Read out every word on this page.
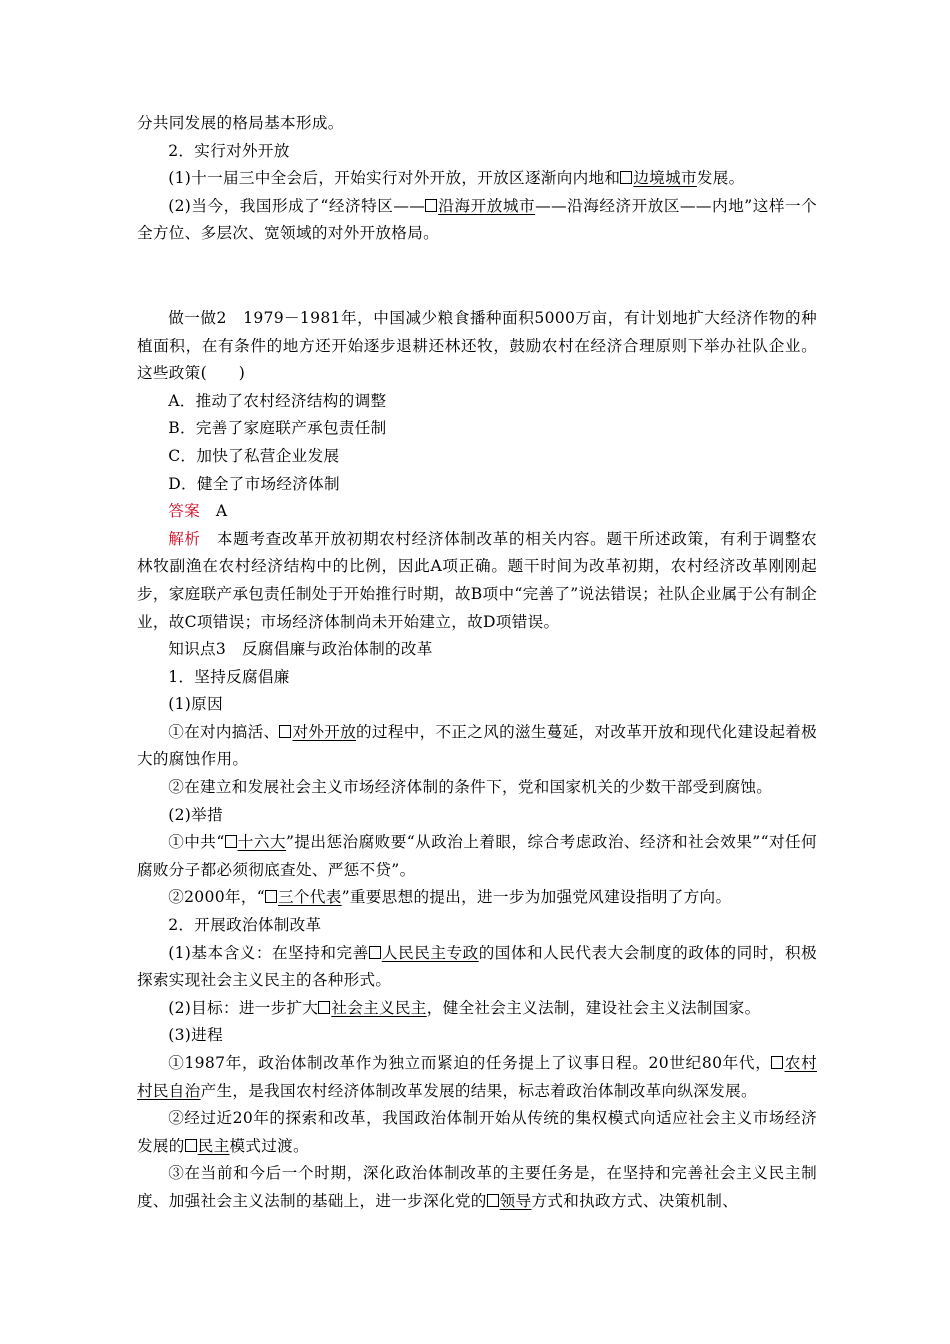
分共同发展的格局基本形成。

2．实行对外开放

(1)十一届三中全会后，开始实行对外开放，开放区逐渐向内地和 边境城市发展。

(2)当今，我国形成了“经济特区—— 沿海开放城市——沿海经济开放区——内地”这样一个全方位、多层次、宽领域的对外开放格局。

做一做2　1979－1981年，中国减少粮食播种面积5000万亩，有计划地扩大经济作物的种植面积，在有条件的地方还开始逐步退耕还林还牧，鼓励农村在经济合理原则下举办社队企业。这些政策(　　)

A．推动了农村经济结构的调整

B．完善了家庭联产承包责任制

C．加快了私营企业发展

D．健全了市场经济体制

答案　A

解析　本题考查改革开放初期农村经济体制改革的相关内容。题干所述政策，有利于调整农林牧副渔在农村经济结构中的比例，因此A项正确。题干时间为改革初期，农村经济改革刚刚起步，家庭联产承包责任制处于开始推行时期，故B项中“完善了”说法错误；社队企业属于公有制企业，故C项错误；市场经济体制尚未开始建立，故D项错误。

知识点3　反腐倡廉与政治体制的改革

1．坚持反腐倡廉

(1)原因

①在对内搞活、 对外开放的过程中，不正之风的滋生蔓延，对改革开放和现代化建设起着极大的腐蚀作用。

②在建立和发展社会主义市场经济体制的条件下，党和国家机关的少数干部受到腐蚀。

(2)举措

①中共“ 十六大”提出惩治腐败要“从政治上着眼，综合考虑政治、经济和社会效果”“对任何腐败分子都必须彻底查处、严惩不贷”。

②2000年，“ 三个代表”重要思想的提出，进一步为加强党风建设指明了方向。

2．开展政治体制改革

(1)基本含义：在坚持和完善 人民民主专政的国体和人民代表大会制度的政体的同时，积极探索实现社会主义民主的各种形式。

(2)目标：进一步扩大 社会主义民主，健全社会主义法制，建设社会主义法制国家。

(3)进程

①1987年，政治体制改革作为独立而紧迫的任务提上了议事日程。20世纪80年代， 农村村民自治产生，是我国农村经济体制改革发展的结果，标志着政治体制改革向纵深发展。

②经过近20年的探索和改革，我国政治体制开始从传统的集权模式向适应社会主义市场经济发展的 民主模式过渡。

③在当前和今后一个时期，深化政治体制改革的主要任务是，在坚持和完善社会主义民主制度、加强社会主义法制的基础上，进一步深化党的 领导方式和执政方式、决策机制、
